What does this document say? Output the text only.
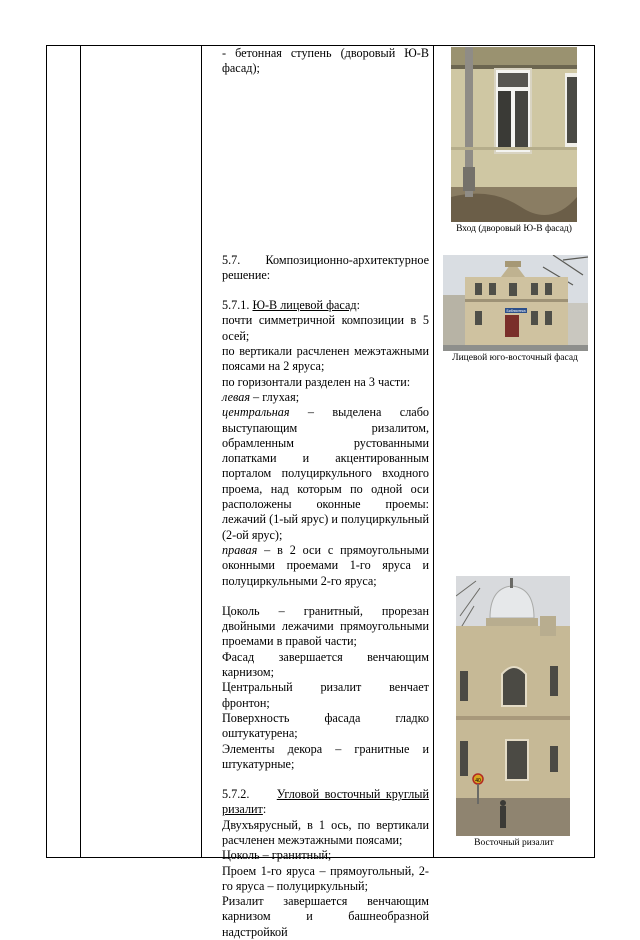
- бетонная ступень (дворовый Ю-В фасад);

5.7. Композиционно-архитектурное решение:

5.7.1. Ю-В лицевой фасад:

почти симметричной композиции в 5 осей;

по вертикали расчленен межэтажными поясами на 2 яруса;

по горизонтали разделен на 3 части:

левая – глухая;

центральная – выделена слабо выступающим ризалитом, обрамленным рустованными лопатками и акцентированным порталом полуциркульного входного проема, над которым по одной оси расположены оконные проемы: лежачий (1-ый ярус) и полуциркульный (2-ой ярус);

правая – в 2 оси с прямоугольными оконными проемами 1-го яруса и полуциркульными 2-го яруса;

Цоколь – гранитный, прорезан двойными лежачими прямоугольными проемами в правой части;

Фасад завершается венчающим карнизом;

Центральный ризалит венчает фронтон;

Поверхность фасада гладко оштукатурена;

Элементы декора – гранитные и штукатурные;

5.7.2. Угловой восточный круглый ризалит:

Двухъярусный, в 1 ось, по вертикали расчленен межэтажными поясами;

Цоколь – гранитный;

Проем 1-го яруса – прямоугольный, 2-го яруса – полуциркульный;

Ризалит завершается венчающим карнизом и башнеобразной надстройкой

Вход (дворовый Ю-В фасад)
Библиотека
Лицевой юго-восточный фасад
40
Восточный ризалит
